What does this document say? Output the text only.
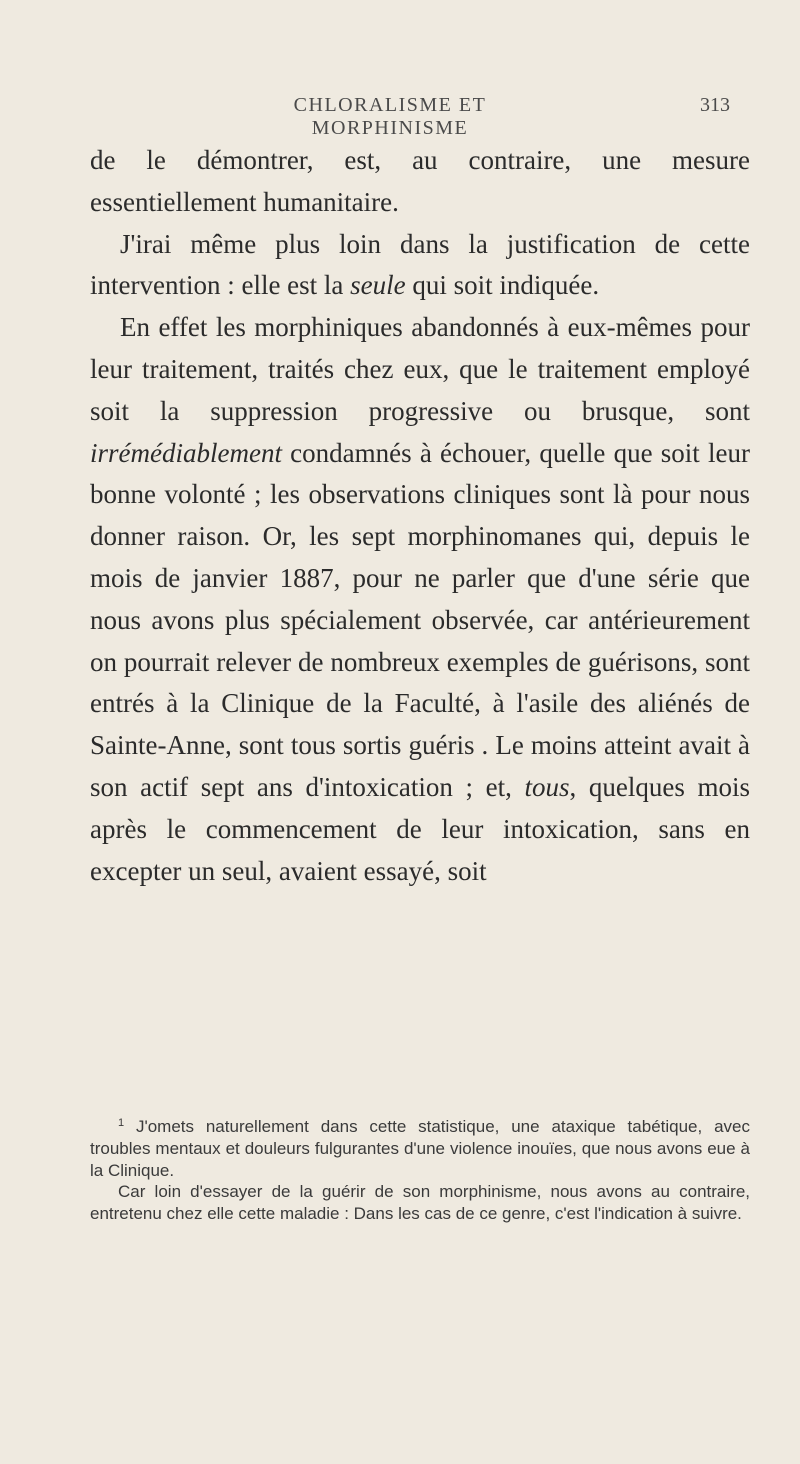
CHLORALISME ET MORPHINISME
313

de le démontrer, est, au contraire, une mesure essentiellement humanitaire.

J'irai même plus loin dans la justification de cette intervention : elle est la seule qui soit indiquée.

En effet les morphiniques abandonnés à eux-mêmes pour leur traitement, traités chez eux, que le traitement employé soit la suppression progressive ou brusque, sont irrémédiablement condamnés à échouer, quelle que soit leur bonne volonté ; les observations cliniques sont là pour nous donner raison. Or, les sept morphinomanes qui, depuis le mois de janvier 1887, pour ne parler que d'une série que nous avons plus spécialement observée, car antérieurement on pourrait relever de nombreux exemples de guérisons, sont entrés à la Clinique de la Faculté, à l'asile des aliénés de Sainte-Anne, sont tous sortis guéris . Le moins atteint avait à son actif sept ans d'intoxication ; et, tous, quelques mois après le commencement de leur intoxication, sans en excepter un seul, avaient essayé, soit

$^1$ J'omets naturellement dans cette statistique, une ataxique tabétique, avec troubles mentaux et douleurs fulgurantes d'une violence inouïes, que nous avons eue à la Clinique.

Car loin d'essayer de la guérir de son morphinisme, nous avons au contraire, entretenu chez elle cette maladie : Dans les cas de ce genre, c'est l'indication à suivre.
